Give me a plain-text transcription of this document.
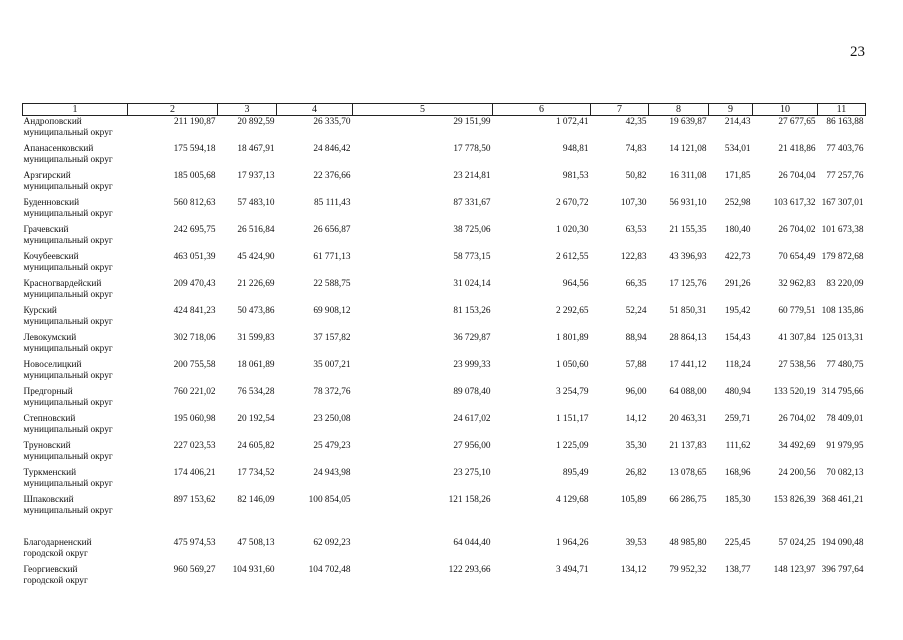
23
1	2	3	4	5	6	7	8	9	10	11

Андроповский
муниципальный округ	211 190,87	20 892,59	26 335,70	29 151,99	1 072,41	42,35	19 639,87	214,43	27 677,65	86 163,88

Апанасенковский
муниципальный округ	175 594,18	18 467,91	24 846,42	17 778,50	948,81	74,83	14 121,08	534,01	21 418,86	77 403,76

Арзгирский
муниципальный округ	185 005,68	17 937,13	22 376,66	23 214,81	981,53	50,82	16 311,08	171,85	26 704,04	77 257,76

Буденновский
муниципальный округ	560 812,63	57 483,10	85 111,43	87 331,67	2 670,72	107,30	56 931,10	252,98	103 617,32	167 307,01

Грачевский
муниципальный округ	242 695,75	26 516,84	26 656,87	38 725,06	1 020,30	63,53	21 155,35	180,40	26 704,02	101 673,38

Кочубеевский
муниципальный округ	463 051,39	45 424,90	61 771,13	58 773,15	2 612,55	122,83	43 396,93	422,73	70 654,49	179 872,68

Красногвардейский
муниципальный округ	209 470,43	21 226,69	22 588,75	31 024,14	964,56	66,35	17 125,76	291,26	32 962,83	83 220,09

Курский
муниципальный округ	424 841,23	50 473,86	69 908,12	81 153,26	2 292,65	52,24	51 850,31	195,42	60 779,51	108 135,86

Левокумский
муниципальный округ	302 718,06	31 599,83	37 157,82	36 729,87	1 801,89	88,94	28 864,13	154,43	41 307,84	125 013,31

Новоселицкий
муниципальный округ	200 755,58	18 061,89	35 007,21	23 999,33	1 050,60	57,88	17 441,12	118,24	27 538,56	77 480,75

Предгорный
муниципальный округ	760 221,02	76 534,28	78 372,76	89 078,40	3 254,79	96,00	64 088,00	480,94	133 520,19	314 795,66

Степновский
муниципальный округ	195 060,98	20 192,54	23 250,08	24 617,02	1 151,17	14,12	20 463,31	259,71	26 704,02	78 409,01

Труновский
муниципальный округ	227 023,53	24 605,82	25 479,23	27 956,00	1 225,09	35,30	21 137,83	111,62	34 492,69	91 979,95

Туркменский
муниципальный округ	174 406,21	17 734,52	24 943,98	23 275,10	895,49	26,82	13 078,65	168,96	24 200,56	70 082,13

Шпаковский
муниципальный округ	897 153,62	82 146,09	100 854,05	121 158,26	4 129,68	105,89	66 286,75	185,30	153 826,39	368 461,21

Благодарненский
городской округ	475 974,53	47 508,13	62 092,23	64 044,40	1 964,26	39,53	48 985,80	225,45	57 024,25	194 090,48

Георгиевский
городской округ	960 569,27	104 931,60	104 702,48	122 293,66	3 494,71	134,12	79 952,32	138,77	148 123,97	396 797,64
